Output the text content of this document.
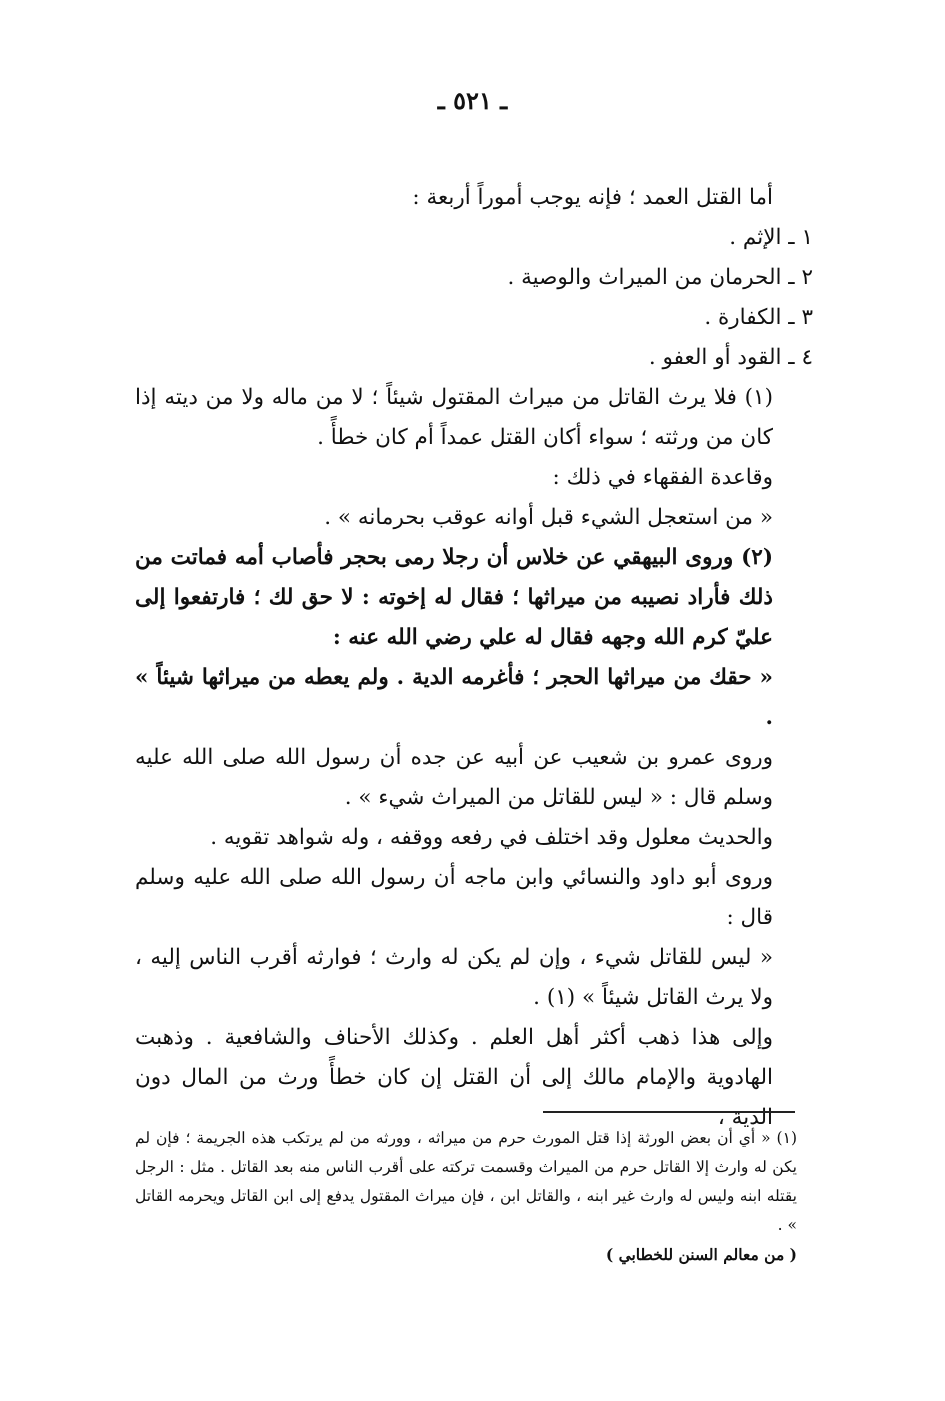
ـ ٥٢١ ـ

أما القتل العمد ؛ فإنه يوجب أموراً أربعة :

١ ـ الإثم .

٢ ـ الحرمان من الميراث والوصية .

٣ ـ الكفارة .

٤ ـ القود أو العفو .

(١) فلا يرث القاتل من ميراث المقتول شيئاً ؛ لا من ماله ولا من ديته إذا كان من ورثته ؛ سواء أكان القتل عمداً أم كان خطأً .

وقاعدة الفقهاء في ذلك :

« من استعجل الشيء قبل أوانه عوقب بحرمانه » .

(٢) وروى البيهقي عن خلاس أن رجلا رمى بحجر فأصاب أمه فماتت من ذلك فأراد نصيبه من ميراثها ؛ فقال له إخوته : لا حق لك ؛ فارتفعوا إلى عليّ كرم الله وجهه فقال له علي رضي الله عنه :

« حقك من ميراثها الحجر ؛ فأغرمه الدية . ولم يعطه من ميراثها شيئاً » .

وروى عمرو بن شعيب عن أبيه عن جده أن رسول الله صلى الله عليه وسلم قال : « ليس للقاتل من الميراث شيء » .

والحديث معلول وقد اختلف في رفعه ووقفه ، وله شواهد تقويه .

وروى أبو داود والنسائي وابن ماجه أن رسول الله صلى الله عليه وسلم قال :

« ليس للقاتل شيء ، وإن لم يكن له وارث ؛ فوارثه أقرب الناس إليه ، ولا يرث القاتل شيئاً » (١) .

وإلى هذا ذهب أكثر أهل العلم . وكذلك الأحناف والشافعية . وذهبت الهادوية والإمام مالك إلى أن القتل إن كان خطأً ورث من المال دون الدية ،

(١) « أي أن بعض الورثة إذا قتل المورث حرم من ميراثه ، وورثه من لم يرتكب هذه الجريمة ؛ فإن لم يكن له وارث إلا القاتل حرم من الميراث وقسمت تركته على أقرب الناس منه بعد القاتل . مثل : الرجل يقتله ابنه وليس له وارث غير ابنه ، والقاتل ابن ، فإن ميراث المقتول يدفع إلى ابن القاتل ويحرمه القاتل » .

( من معالم السنن للخطابي )
